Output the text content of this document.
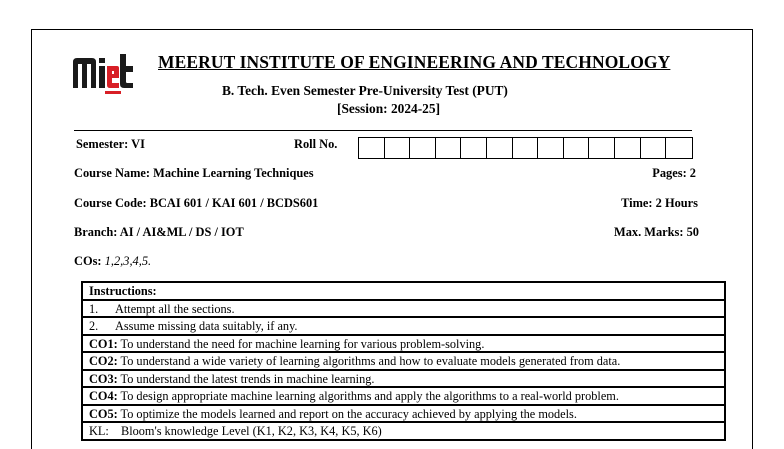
MEERUT INSTITUTE OF ENGINEERING AND TECHNOLOGY
B. Tech. Even Semester Pre-University Test (PUT)
[Session: 2024-25]
Semester: VI	Roll No.
Course Name: Machine Learning Techniques	Pages: 2
Course Code: BCAI 601 / KAI 601 / BCDS601	Time: 2 Hours
Branch: AI / AI&ML / DS / IOT	Max. Marks: 50
COs: 1,2,3,4,5.
Instructions:
1. Attempt all the sections.
2. Assume missing data suitably, if any.
CO1: To understand the need for machine learning for various problem-solving.
CO2: To understand a wide variety of learning algorithms and how to evaluate models generated from data.
CO3: To understand the latest trends in machine learning.
CO4: To design appropriate machine learning algorithms and apply the algorithms to a real-world problem.
CO5: To optimize the models learned and report on the accuracy achieved by applying the models.
KL: Bloom's knowledge Level (K1, K2, K3, K4, K5, K6)
